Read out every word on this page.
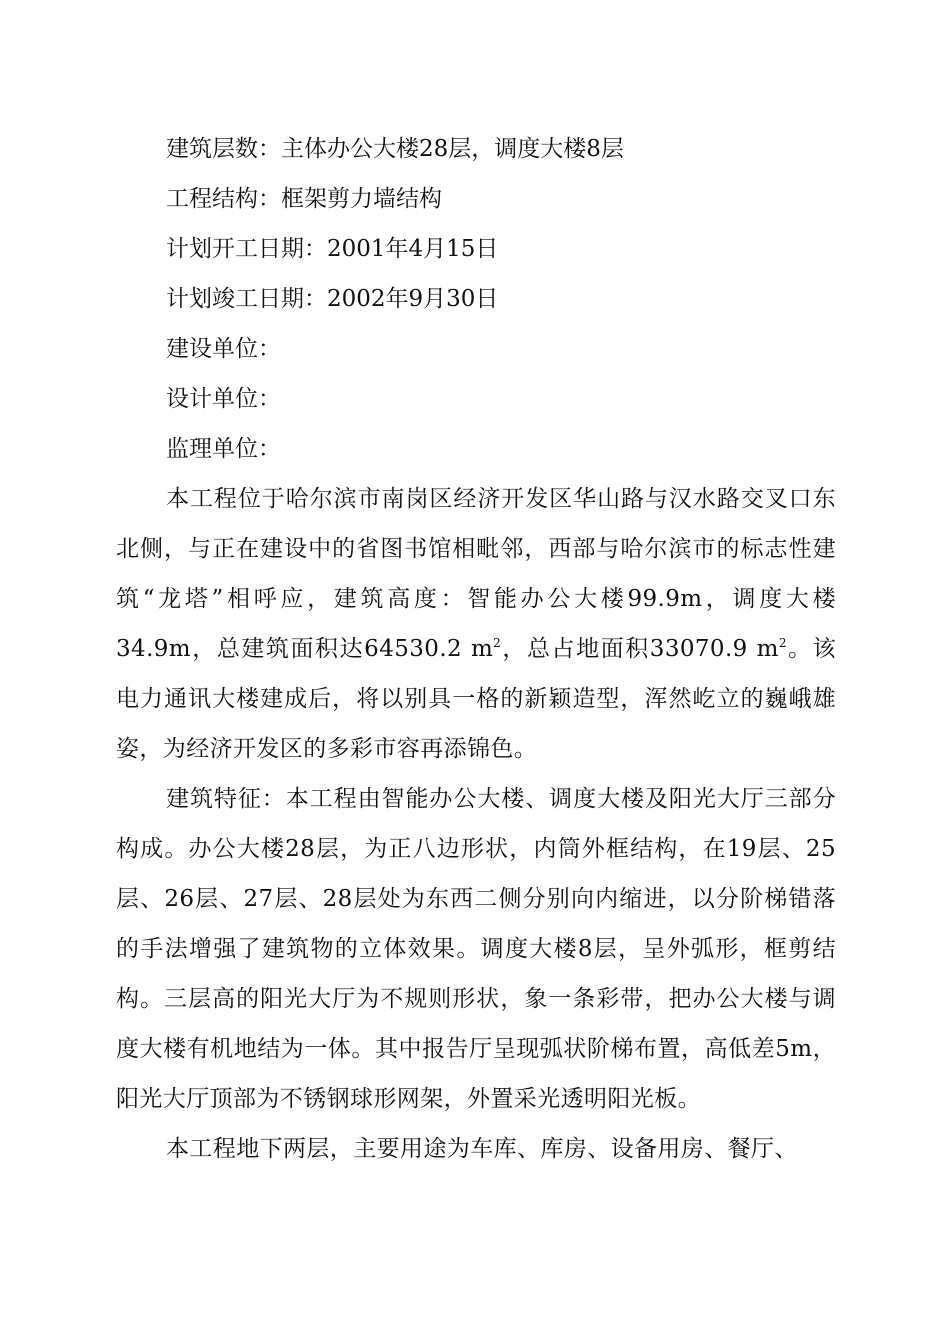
建筑层数：主体办公大楼28层，调度大楼8层

工程结构：框架剪力墙结构

计划开工日期：2001年4月15日

计划竣工日期：2002年9月30日

建设单位：

设计单位：

监理单位：

本工程位于哈尔滨市南岗区经济开发区华山路与汉水路交叉口东北侧，与正在建设中的省图书馆相毗邻，西部与哈尔滨市的标志性建筑“龙塔”相呼应，建筑高度：智能办公大楼99.9m，调度大楼34.9m，总建筑面积达64530.2 $m^2$，总占地面积33070.9 $m^2$。该电力通讯大楼建成后，将以别具一格的新颖造型，浑然屹立的巍峨雄姿，为经济开发区的多彩市容再添锦色。

建筑特征：本工程由智能办公大楼、调度大楼及阳光大厅三部分构成。办公大楼28层，为正八边形状，内筒外框结构，在19层、25层、26层、27层、28层处为东西二侧分别向内缩进，以分阶梯错落的手法增强了建筑物的立体效果。调度大楼8层，呈外弧形，框剪结构。三层高的阳光大厅为不规则形状，象一条彩带，把办公大楼与调度大楼有机地结为一体。其中报告厅呈现弧状阶梯布置，高低差5m，阳光大厅顶部为不锈钢球形网架，外置采光透明阳光板。

本工程地下两层，主要用途为车库、库房、设备用房、餐厅、
